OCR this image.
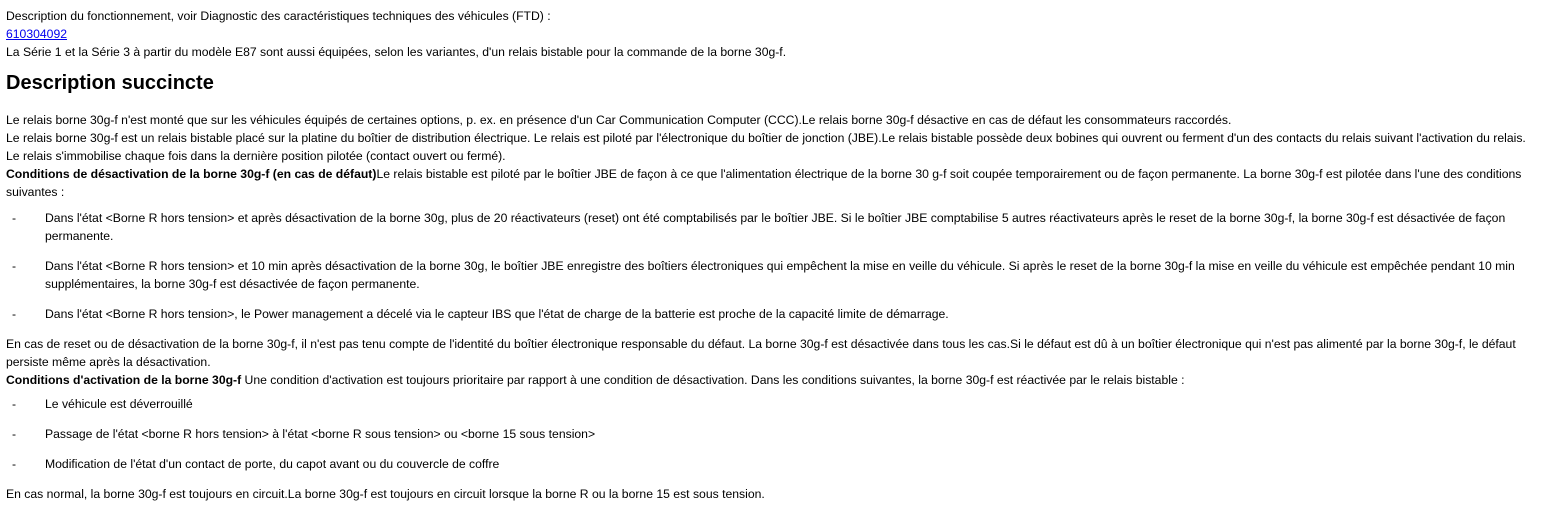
Description du fonctionnement, voir Diagnostic des caractéristiques techniques des véhicules (FTD) :

610304092

La Série 1 et la Série 3 à partir du modèle E87 sont aussi équipées, selon les variantes, d'un relais bistable pour la commande de la borne 30g-f.

Description succincte

Le relais borne 30g-f n'est monté que sur les véhicules équipés de certaines options, p. ex. en présence d'un Car Communication Computer (CCC).Le relais borne 30g-f désactive en cas de défaut les consommateurs raccordés.

Le relais borne 30g-f est un relais bistable placé sur la platine du boîtier de distribution électrique. Le relais est piloté par l'électronique du boîtier de jonction (JBE).Le relais bistable possède deux bobines qui ouvrent ou ferment d'un des contacts du relais suivant l'activation du relais. Le relais s'immobilise chaque fois dans la dernière position pilotée (contact ouvert ou fermé).

Conditions de désactivation de la borne 30g-f (en cas de défaut)Le relais bistable est piloté par le boîtier JBE de façon à ce que l'alimentation électrique de la borne 30 g-f soit coupée temporairement ou de façon permanente. La borne 30g-f est pilotée dans l'une des conditions suivantes :

- Dans l'état <Borne R hors tension> et après désactivation de la borne 30g, plus de 20 réactivateurs (reset) ont été comptabilisés par le boîtier JBE. Si le boîtier JBE comptabilise 5 autres réactivateurs après le reset de la borne 30g-f, la borne 30g-f est désactivée de façon permanente.
- Dans l'état <Borne R hors tension> et 10 min après désactivation de la borne 30g, le boîtier JBE enregistre des boîtiers électroniques qui empêchent la mise en veille du véhicule. Si après le reset de la borne 30g-f la mise en veille du véhicule est empêchée pendant 10 min supplémentaires, la borne 30g-f est désactivée de façon permanente.
- Dans l'état <Borne R hors tension>, le Power management a décelé via le capteur IBS que l'état de charge de la batterie est proche de la capacité limite de démarrage.

En cas de reset ou de désactivation de la borne 30g-f, il n'est pas tenu compte de l'identité du boîtier électronique responsable du défaut. La borne 30g-f est désactivée dans tous les cas.Si le défaut est dû à un boîtier électronique qui n'est pas alimenté par la borne 30g-f, le défaut persiste même après la désactivation.

Conditions d'activation de la borne 30g-f Une condition d'activation est toujours prioritaire par rapport à une condition de désactivation. Dans les conditions suivantes, la borne 30g-f est réactivée par le relais bistable :

- Le véhicule est déverrouillé
- Passage de l'état <borne R hors tension> à l'état <borne R sous tension> ou <borne 15 sous tension>
- Modification de l'état d'un contact de porte, du capot avant ou du couvercle de coffre

En cas normal, la borne 30g-f est toujours en circuit.La borne 30g-f est toujours en circuit lorsque la borne R ou la borne 15 est sous tension.
